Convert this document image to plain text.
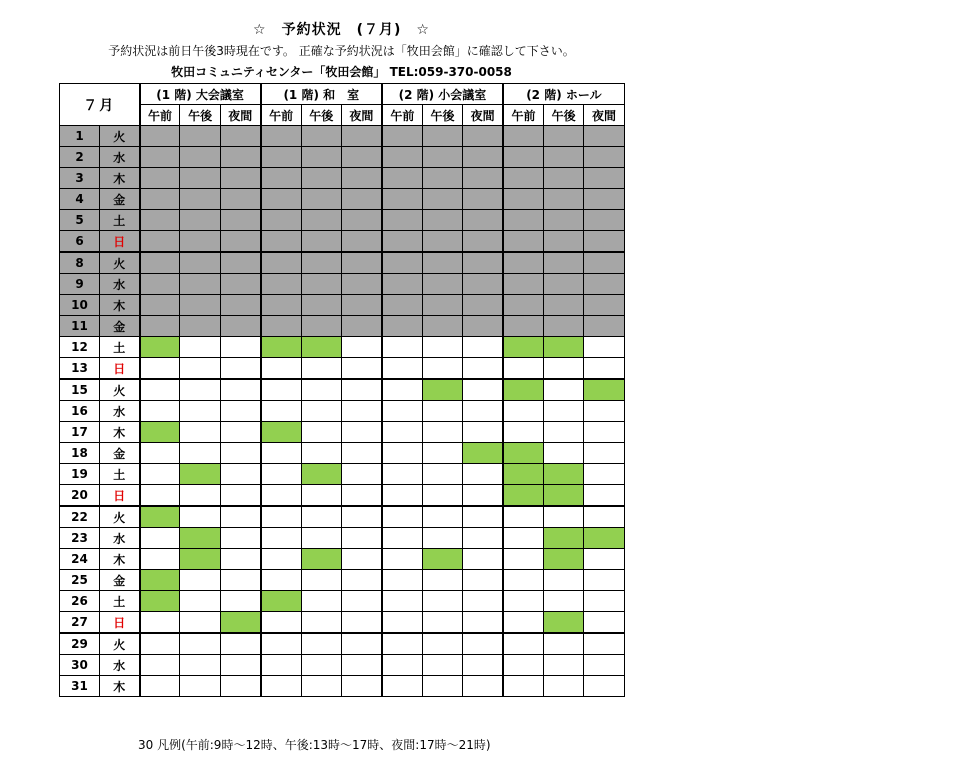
☆　予約状況　(７月)　☆
予約状況は前日午後3時現在です。 正確な予約状況は「牧田会館」に確認して下さい。
牧田コミュニティセンター「牧田会館」 TEL:059-370-0058
７月		(1 階) 大会議室			(1 階) 和　室			(2 階) 小会議室			(2 階) ホール		
		午前	午後	夜間	午前	午後	夜間	午前	午後	夜間	午前	午後	夜間
1	火												
2	水												
3	木												
4	金												
5	土												
6	日												
8	火												
9	水												
10	木												
11	金												
12	土												
13	日												
15	火												
16	水												
17	木												
18	金												
19	土												
20	日												
22	火												
23	水												
24	木												
25	金												
26	土												
27	日												
29	火												
30	水												
31	木												
30 凡例(午前:9時～12時、午後:13時～17時、夜間:17時～21時)
